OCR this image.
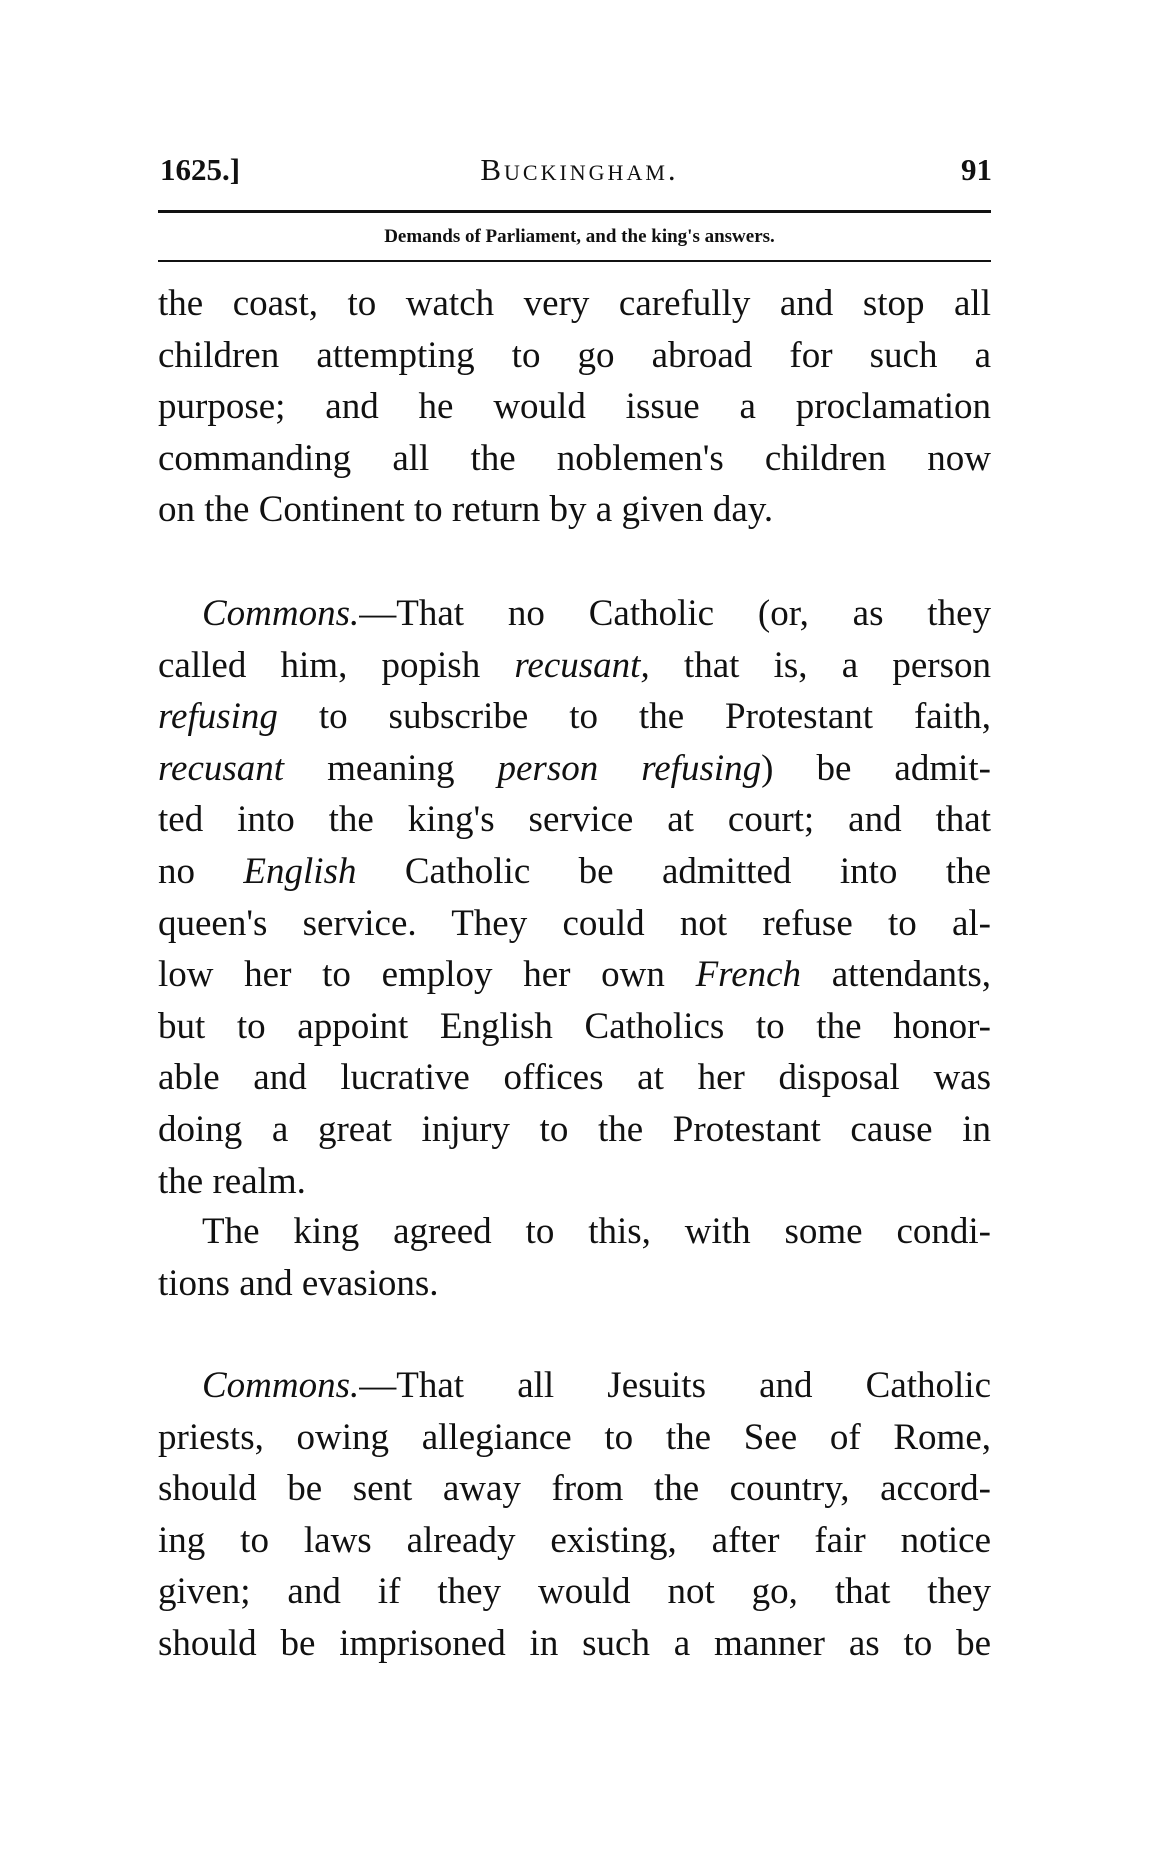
1625.]	Buckingham.	91
Demands of Parliament, and the king's answers.
the coast, to watch very carefully and stop all
children attempting to go abroad for such a
purpose; and he would issue a proclamation
commanding all the noblemen's children now
on the Continent to return by a given day.
Commons.—That no Catholic (or, as they
called him, popish recusant, that is, a person
refusing to subscribe to the Protestant faith,
recusant meaning person refusing) be admit-
ted into the king's service at court; and that
no English Catholic be admitted into the
queen's service. They could not refuse to al-
low her to employ her own French attendants,
but to appoint English Catholics to the honor-
able and lucrative offices at her disposal was
doing a great injury to the Protestant cause in
the realm.
The king agreed to this, with some condi-
tions and evasions.
Commons.—That all Jesuits and Catholic
priests, owing allegiance to the See of Rome,
should be sent away from the country, accord-
ing to laws already existing, after fair notice
given; and if they would not go, that they
should be imprisoned in such a manner as to be
